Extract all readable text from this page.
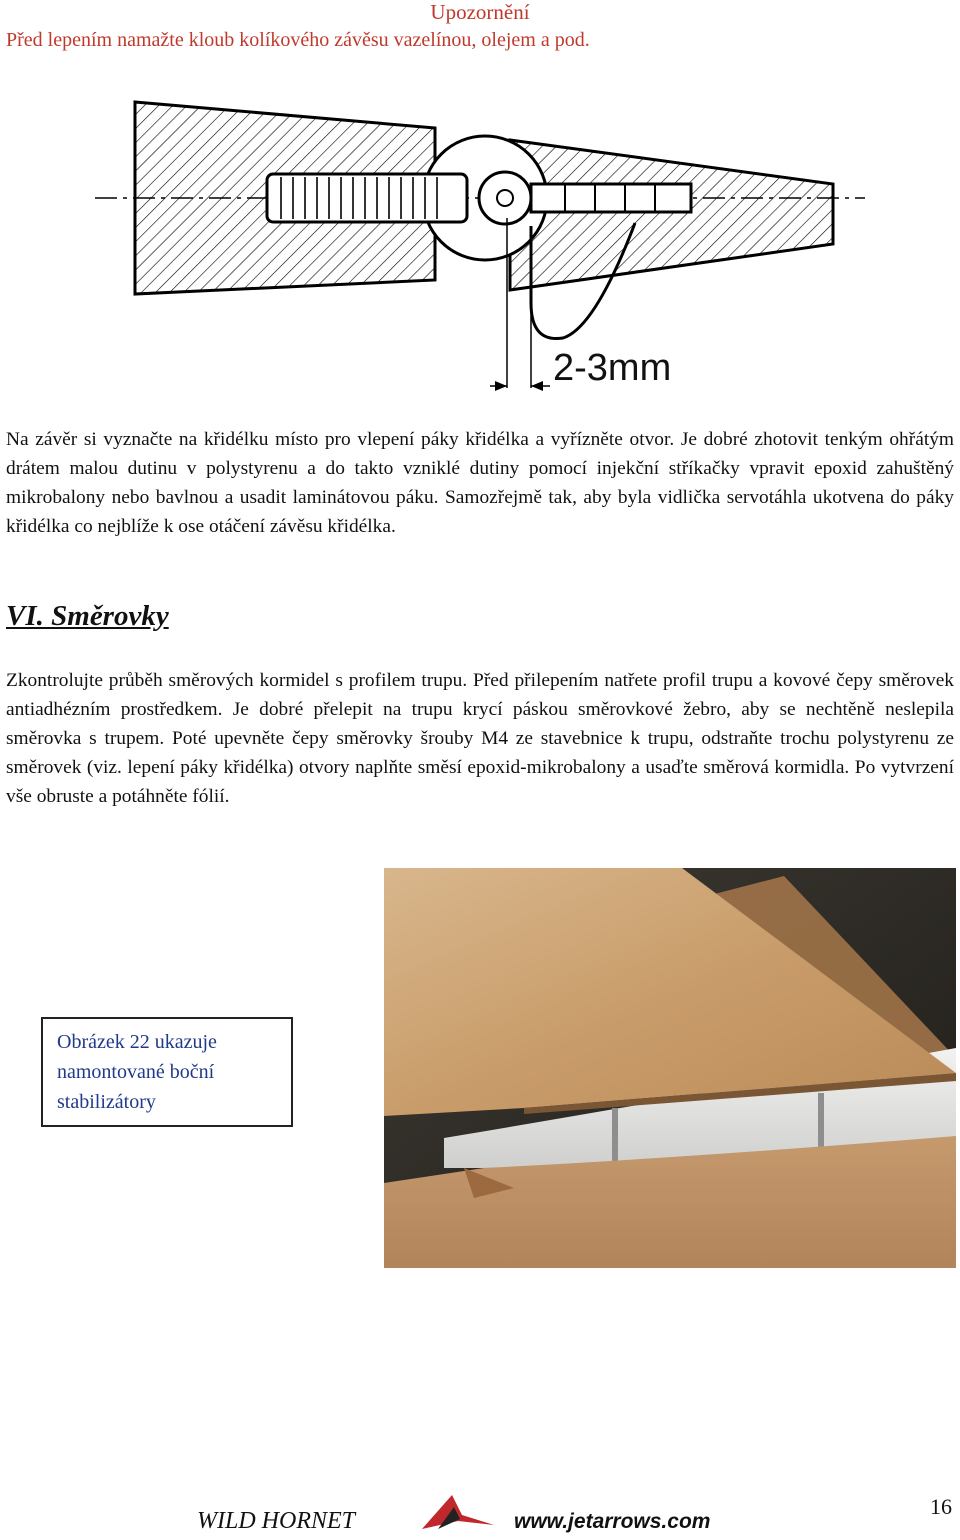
Upozornění
Před lepením namažte kloub kolíkového závěsu vazelínou, olejem a pod.
2-3mm
Na závěr si vyznačte na křidélku místo pro vlepení páky křidélka a vyřízněte otvor. Je dobré zhotovit tenkým ohřátým drátem malou dutinu v polystyrenu a do takto vzniklé dutiny pomocí injekční stříkačky vpravit epoxid zahuštěný mikrobalony nebo bavlnou a usadit laminátovou páku. Samozřejmě tak, aby byla vidlička servotáhla ukotvena do páky křidélka co nejblíže k ose otáčení závěsu křidélka.
VI. Směrovky
Zkontrolujte průběh směrových kormidel s profilem trupu. Před přilepením natřete profil trupu a kovové čepy směrovek antiadhézním prostředkem. Je dobré přelepit na trupu krycí páskou směrovkové žebro, aby se nechtěně neslepila směrovka s trupem. Poté upevněte čepy směrovky šrouby M4 ze stavebnice k trupu, odstraňte trochu polystyrenu ze směrovek (viz. lepení páky křidélka) otvory naplňte směsí epoxid-mikrobalony a usaďte směrová kormidla. Po vytvrzení vše obruste a potáhněte fólií.
Obrázek 22 ukazuje namontované boční stabilizátory
WILD HORNET	www.jetarrows.com
16
